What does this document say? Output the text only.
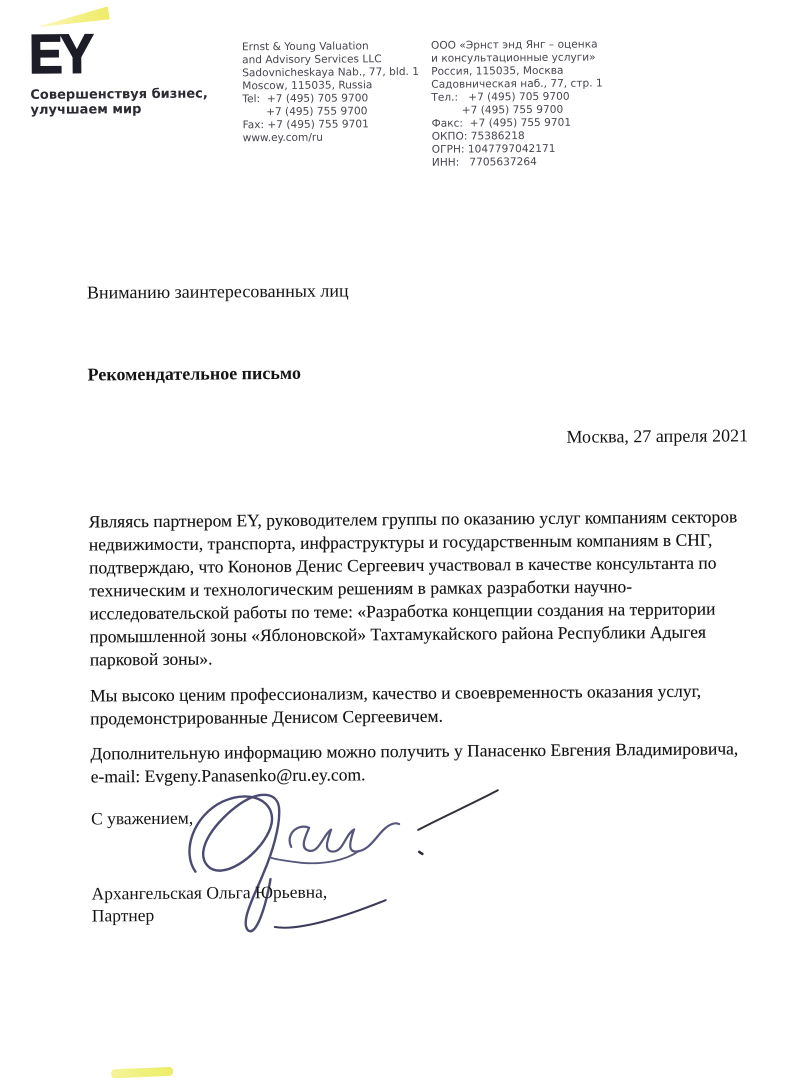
EY
Совершенствуя бизнес,
улучшаем мир
Ernst & Young Valuation
and Advisory Services LLC
Sadovnicheskaya Nab., 77, bld. 1
Moscow, 115035, Russia
Tel:  +7 (495) 705 9700
+7 (495) 755 9700
Fax: +7 (495) 755 9701
www.ey.com/ru
ООО «Эрнст энд Янг – оценка
и консультационные услуги»
Россия, 115035, Москва
Садовническая наб., 77, стр. 1
Тел.:   +7 (495) 705 9700
+7 (495) 755 9700
Факс:  +7 (495) 755 9701
ОКПО: 75386218
ОГРН: 1047797042171
ИНН:   7705637264
Вниманию заинтересованных лиц
Рекомендательное письмо
Москва, 27 апреля 2021
Являясь партнером EY, руководителем группы по оказанию услуг компаниям секторов
недвижимости, транспорта, инфраструктуры и государственным компаниям в СНГ,
подтверждаю, что Кононов Денис Сергеевич участвовал в качестве консультанта по
техническим и технологическим решениям в рамках разработки научно-
исследовательской работы по теме: «Разработка концепции создания на территории
промышленной зоны «Яблоновской» Тахтамукайского района Республики Адыгея
парковой зоны».
Мы высоко ценим профессионализм, качество и своевременность оказания услуг,
продемонстрированные Денисом Сергеевичем.
Дополнительную информацию можно получить у Панасенко Евгения Владимировича,
e-mail: Evgeny.Panasenko@ru.ey.com.
С уважением,
Архангельская Ольга Юрьевна,
Партнер
